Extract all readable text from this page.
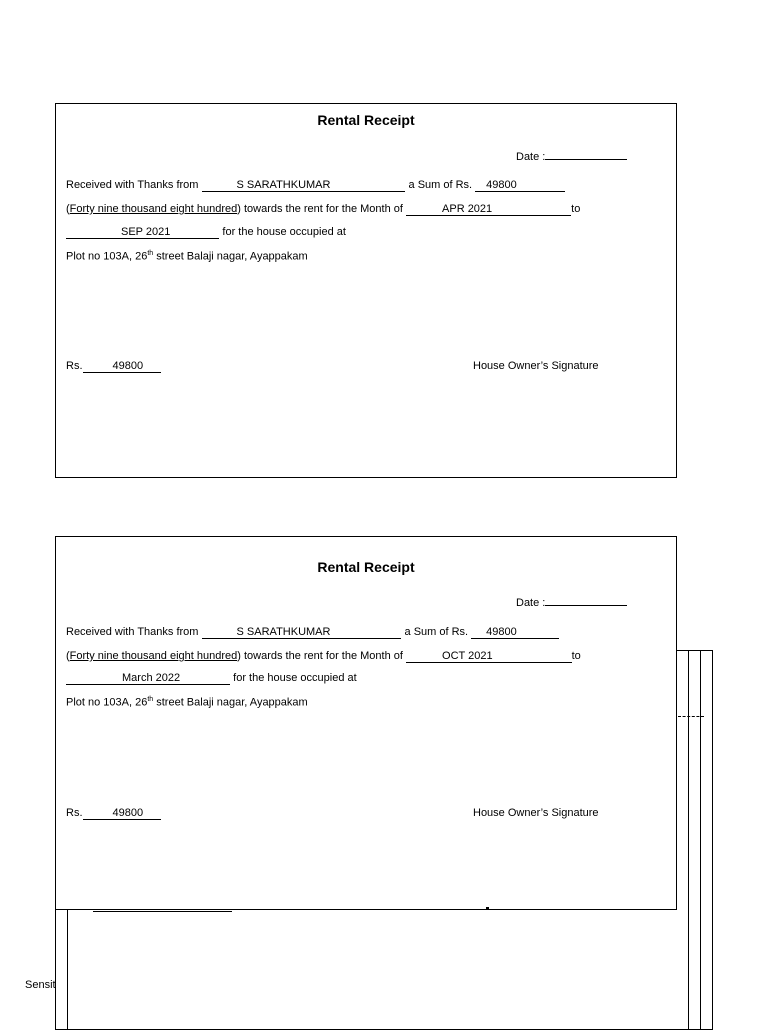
Sensit
Rental Receipt
Date :
Received with Thanks from	S SARATHKUMAR	a Sum of Rs. 49800
(Forty nine thousand eight hundred) towards the rent for the Month of	APR 2021	to
SEP 2021	for the house occupied at
Plot no 103A, 26th street Balaji nagar, Ayappakam
Rs.	49800	House Owner’s Signature
Rental Receipt
Date :
Received with Thanks from	S SARATHKUMAR	a Sum of Rs. 49800
(Forty nine thousand eight hundred) towards the rent for the Month of	OCT 2021	to
March 2022	for the house occupied at
Plot no 103A, 26th street Balaji nagar, Ayappakam
Rs.	49800	House Owner’s Signature
